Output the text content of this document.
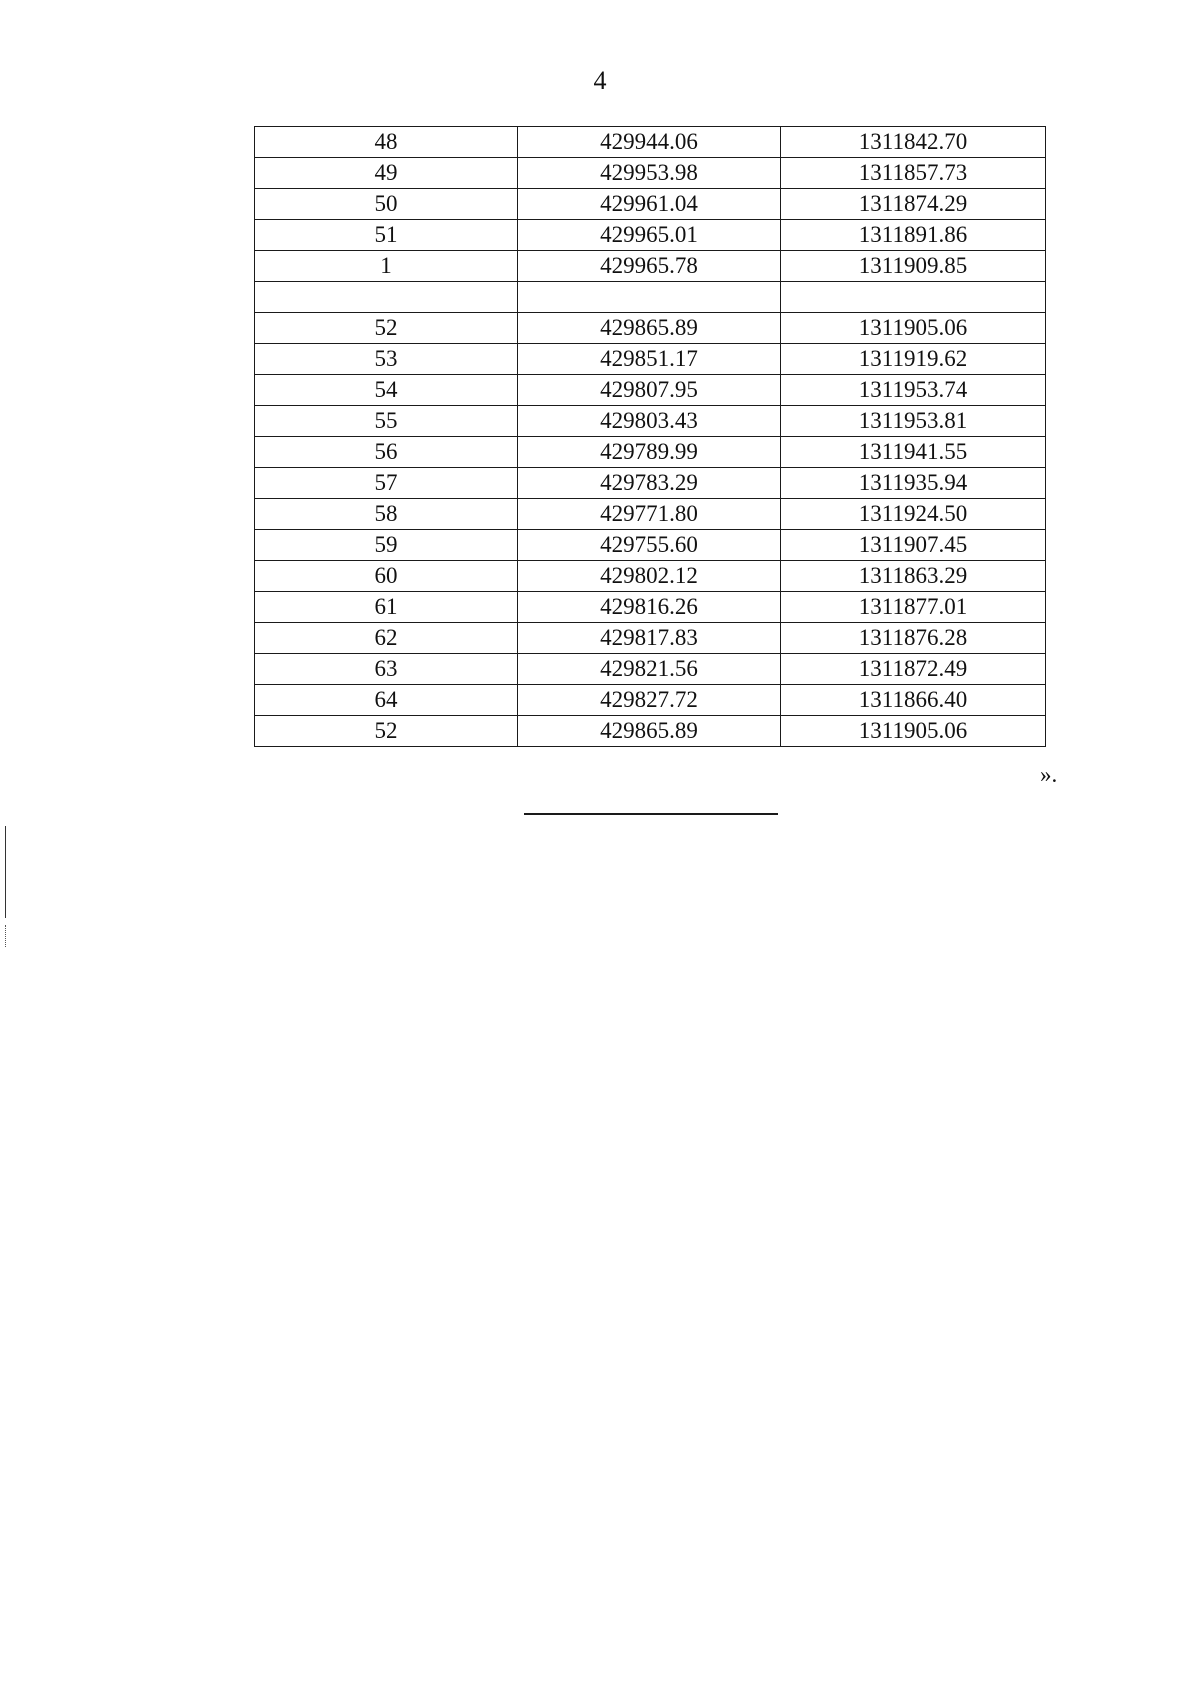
4
48	429944.06	1311842.70
49	429953.98	1311857.73
50	429961.04	1311874.29
51	429965.01	1311891.86
1	429965.78	1311909.85

52	429865.89	1311905.06
53	429851.17	1311919.62
54	429807.95	1311953.74
55	429803.43	1311953.81
56	429789.99	1311941.55
57	429783.29	1311935.94
58	429771.80	1311924.50
59	429755.60	1311907.45
60	429802.12	1311863.29
61	429816.26	1311877.01
62	429817.83	1311876.28
63	429821.56	1311872.49
64	429827.72	1311866.40
52	429865.89	1311905.06
».
